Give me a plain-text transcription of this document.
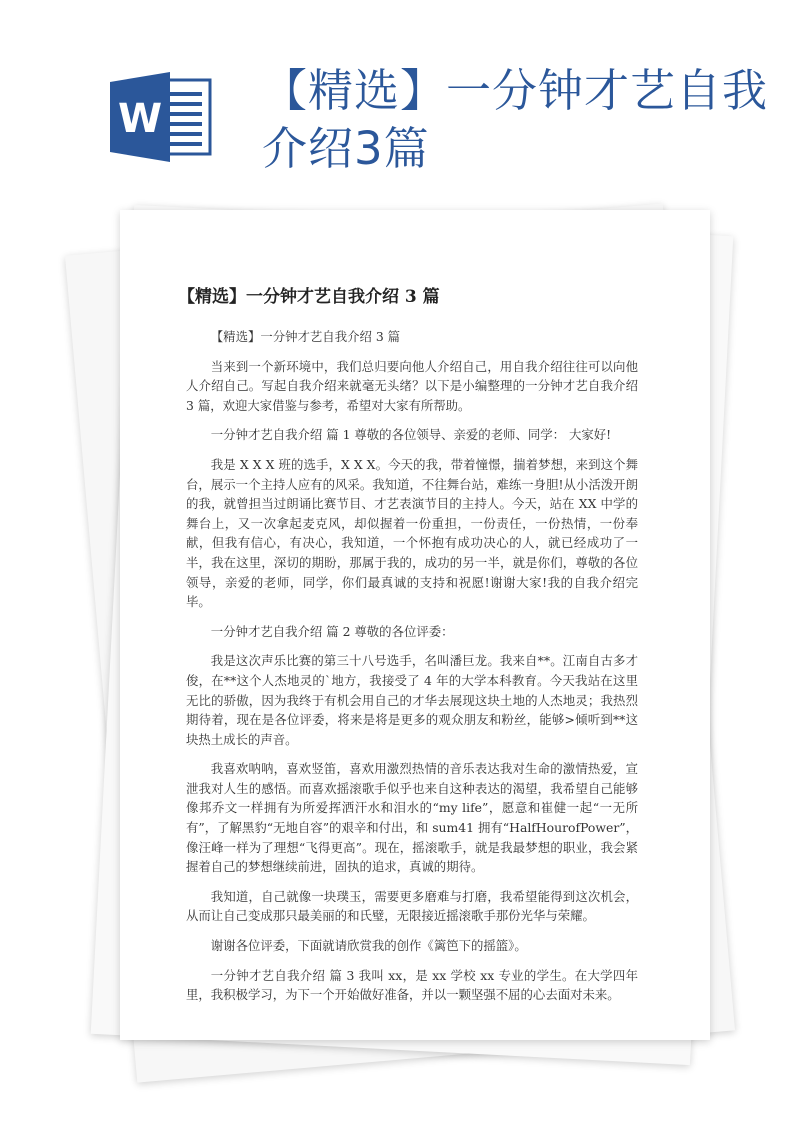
W
【精选】一分钟才艺自我介绍3篇
【精选】一分钟才艺自我介绍 3 篇

【精选】一分钟才艺自我介绍 3 篇

当来到一个新环境中，我们总归要向他人介绍自己，用自我介绍往往可以向他人介绍自己。写起自我介绍来就毫无头绪？以下是小编整理的一分钟才艺自我介绍 3 篇，欢迎大家借鉴与参考，希望对大家有所帮助。

一分钟才艺自我介绍 篇 1 尊敬的各位领导、亲爱的老师、同学： 大家好!

我是 X X X 班的选手，X X X。今天的我，带着憧憬，揣着梦想，来到这个舞台，展示一个主持人应有的风采。我知道，不往舞台站，难练一身胆!从小活泼开朗的我，就曾担当过朗诵比赛节目、才艺表演节目的主持人。今天，站在 XX 中学的舞台上，又一次拿起麦克风，却似握着一份重担，一份责任，一份热情，一份奉献，但我有信心，有决心，我知道，一个怀抱有成功决心的人，就已经成功了一半，我在这里，深切的期盼，那属于我的，成功的另一半，就是你们，尊敬的各位领导，亲爱的老师，同学，你们最真诚的支持和祝愿!谢谢大家!我的自我介绍完毕。

一分钟才艺自我介绍 篇 2 尊敬的各位评委：

我是这次声乐比赛的第三十八号选手，名叫潘巨龙。我来自**。江南自古多才俊，在**这个人杰地灵的`地方，我接受了 4 年的大学本科教育。今天我站在这里无比的骄傲，因为我终于有机会用自己的才华去展现这块土地的人杰地灵；我热烈期待着，现在是各位评委，将来是将是更多的观众朋友和粉丝，能够>倾听到**这块热土成长的声音。

我喜欢呐呐，喜欢竖笛，喜欢用激烈热情的音乐表达我对生命的激情热爱，宣泄我对人生的感悟。而喜欢摇滚歌手似乎也来自这种表达的渴望，我希望自己能够像邦乔文一样拥有为所爱挥洒汗水和泪水的“my life”，愿意和崔健一起“一无所有”，了解黑豹“无地自容”的艰辛和付出，和 sum41 拥有“HalfHourofPower”，像汪峰一样为了理想“飞得更高”。现在，摇滚歌手，就是我最梦想的职业，我会紧握着自己的梦想继续前进，固执的追求，真诚的期待。

我知道，自己就像一块璞玉，需要更多磨难与打磨，我希望能得到这次机会，从而让自己变成那只最美丽的和氏璧，无限接近摇滚歌手那份光华与荣耀。

谢谢各位评委，下面就请欣赏我的创作《篱笆下的摇篮》。

一分钟才艺自我介绍 篇 3 我叫 xx，是 xx 学校 xx 专业的学生。在大学四年里，我积极学习，为下一个开始做好准备，并以一颗坚强不屈的心去面对未来。
